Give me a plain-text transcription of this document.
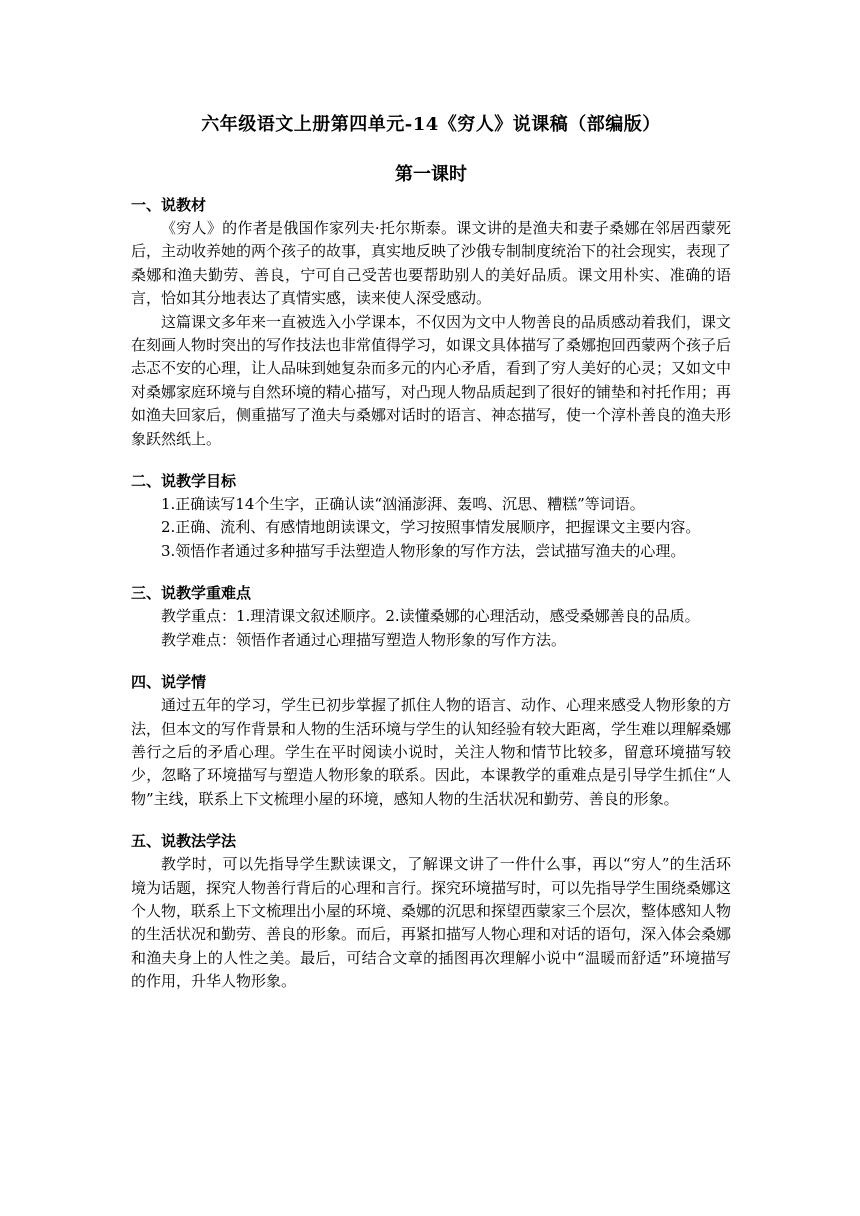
六年级语文上册第四单元-14《穷人》说课稿（部编版）
第一课时

一、说教材

《穷人》的作者是俄国作家列夫·托尔斯泰。课文讲的是渔夫和妻子桑娜在邻居西蒙死后，主动收养她的两个孩子的故事，真实地反映了沙俄专制制度统治下的社会现实，表现了桑娜和渔夫勤劳、善良，宁可自己受苦也要帮助别人的美好品质。课文用朴实、准确的语言，恰如其分地表达了真情实感，读来使人深受感动。

这篇课文多年来一直被选入小学课本，不仅因为文中人物善良的品质感动着我们，课文在刻画人物时突出的写作技法也非常值得学习，如课文具体描写了桑娜抱回西蒙两个孩子后忐忑不安的心理，让人品味到她复杂而多元的内心矛盾，看到了穷人美好的心灵；又如文中对桑娜家庭环境与自然环境的精心描写，对凸现人物品质起到了很好的铺垫和衬托作用；再如渔夫回家后，侧重描写了渔夫与桑娜对话时的语言、神态描写，使一个淳朴善良的渔夫形象跃然纸上。

二、说教学目标

1.正确读写14个生字，正确认读“汹涌澎湃、轰鸣、沉思、糟糕”等词语。

2.正确、流利、有感情地朗读课文，学习按照事情发展顺序，把握课文主要内容。

3.领悟作者通过多种描写手法塑造人物形象的写作方法，尝试描写渔夫的心理。

三、说教学重难点

教学重点：1.理清课文叙述顺序。2.读懂桑娜的心理活动，感受桑娜善良的品质。

教学难点：领悟作者通过心理描写塑造人物形象的写作方法。

四、说学情

通过五年的学习，学生已初步掌握了抓住人物的语言、动作、心理来感受人物形象的方法，但本文的写作背景和人物的生活环境与学生的认知经验有较大距离，学生难以理解桑娜善行之后的矛盾心理。学生在平时阅读小说时，关注人物和情节比较多，留意环境描写较少，忽略了环境描写与塑造人物形象的联系。因此，本课教学的重难点是引导学生抓住“人物”主线，联系上下文梳理小屋的环境，感知人物的生活状况和勤劳、善良的形象。

五、说教法学法

教学时，可以先指导学生默读课文，了解课文讲了一件什么事，再以“穷人”的生活环境为话题，探究人物善行背后的心理和言行。探究环境描写时，可以先指导学生围绕桑娜这个人物，联系上下文梳理出小屋的环境、桑娜的沉思和探望西蒙家三个层次，整体感知人物的生活状况和勤劳、善良的形象。而后，再紧扣描写人物心理和对话的语句，深入体会桑娜和渔夫身上的人性之美。最后，可结合文章的插图再次理解小说中“温暖而舒适”环境描写的作用，升华人物形象。
